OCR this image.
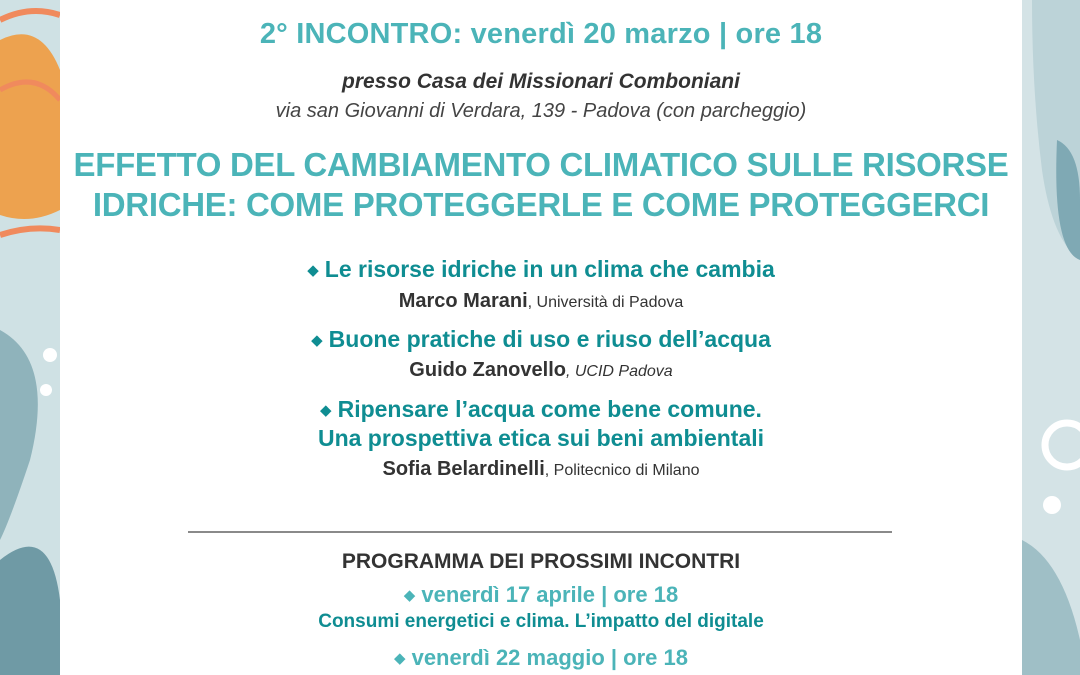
2° INCONTRO: venerdì 20 marzo | ore 18
presso Casa dei Missionari Comboniani
via san Giovanni di Verdara, 139 - Padova (con parcheggio)
EFFETTO DEL CAMBIAMENTO CLIMATICO SULLE RISORSE
IDRICHE: COME PROTEGGERLE E COME PROTEGGERCI
◆ Le risorse idriche in un clima che cambia
Marco Marani, Università di Padova
◆ Buone pratiche di uso e riuso dell’acqua
Guido Zanovello, UCID Padova
◆ Ripensare l’acqua come bene comune.
Una prospettiva etica sui beni ambientali
Sofia Belardinelli, Politecnico di Milano
PROGRAMMA DEI PROSSIMI INCONTRI
◆ venerdì 17 aprile | ore 18
Consumi energetici e clima. L’impatto del digitale
◆ venerdì 22 maggio | ore 18
